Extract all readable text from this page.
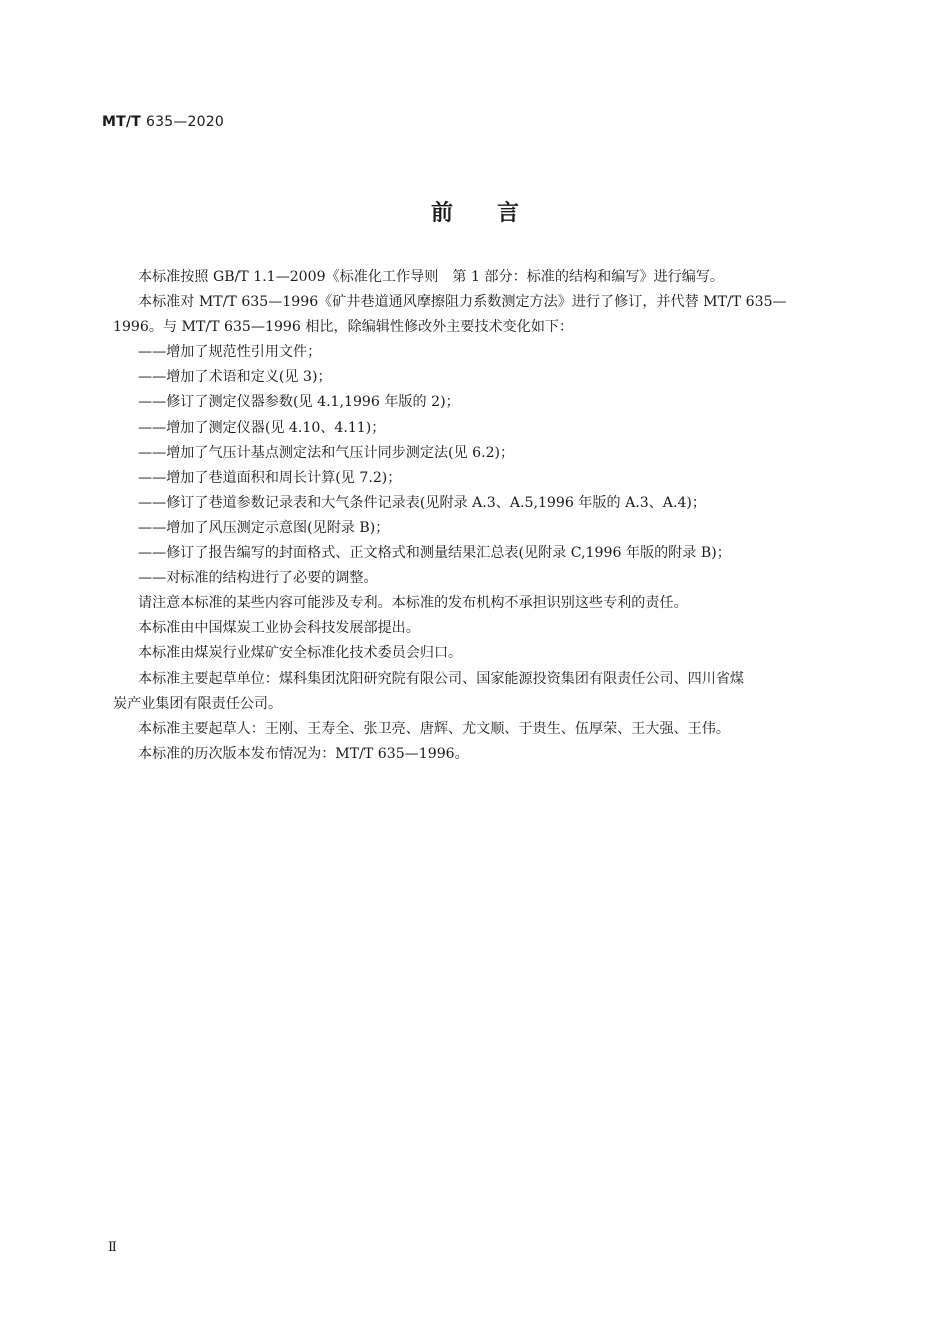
MT/T 635—2020
前言

本标准按照 GB/T 1.1—2009《标准化工作导则　第 1 部分：标准的结构和编写》进行编写。

本标准对 MT/T 635—1996《矿井巷道通风摩擦阻力系数测定方法》进行了修订，并代替 MT/T 635—
1996。与 MT/T 635—1996 相比，除编辑性修改外主要技术变化如下：
——增加了规范性引用文件；
——增加了术语和定义(见 3)；
——修订了测定仪器参数(见 4.1,1996 年版的 2)；
——增加了测定仪器(见 4.10、4.11)；
——增加了气压计基点测定法和气压计同步测定法(见 6.2)；
——增加了巷道面积和周长计算(见 7.2)；
——修订了巷道参数记录表和大气条件记录表(见附录 A.3、A.5,1996 年版的 A.3、A.4)；
——增加了风压测定示意图(见附录 B)；
——修订了报告编写的封面格式、正文格式和测量结果汇总表(见附录 C,1996 年版的附录 B)；
——对标准的结构进行了必要的调整。

请注意本标准的某些内容可能涉及专利。本标准的发布机构不承担识别这些专利的责任。

本标准由中国煤炭工业协会科技发展部提出。

本标准由煤炭行业煤矿安全标准化技术委员会归口。

本标准主要起草单位：煤科集团沈阳研究院有限公司、国家能源投资集团有限责任公司、四川省煤
炭产业集团有限责任公司。

本标准主要起草人：王刚、王寿全、张卫亮、唐辉、尤文顺、于贵生、伍厚荣、王大强、王伟。

本标准的历次版本发布情况为：MT/T 635—1996。

Ⅱ
